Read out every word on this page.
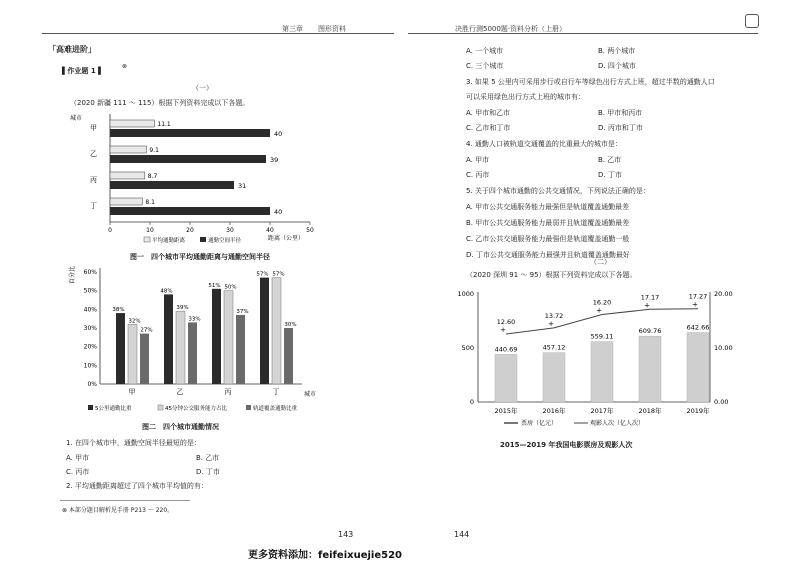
第三章 图形资料	决胜行测5000题·资料分析（上册）
「高难进阶」
▌作业题 1 ▌
⊗
（一）
（2020 新疆 111 ～ 115）根据下列资料完成以下各题。
城市
甲	11.1
40
乙	9.1
39
丙	8.7
31
丁	8.1
40
0	10	20	30	40	50
距离（公里）
平均通勤距离	通勤空间半径
图一　四个城市平均通勤距离与通勤空间半径
百分比
0%
10%
20%
30%
40%
50%
60%
38%
32%
27%
甲
48%
39%
33%
乙
51% 50%
37%
丙
57% 57%
30%
丁	城市
5公里通勤比重	45分钟公交服务能力占比	轨道覆盖通勤比重
图二　四个城市通勤情况
1. 在四个城市中，通勤空间半径最短的是：
A. 甲市	B. 乙市
C. 丙市	D. 丁市
2. 平均通勤距离超过了四个城市平均值的有：
⊗ 本部分题目解析见手册 P213 ～ 220。
143
A. 一个城市	B. 两个城市
C. 三个城市	D. 四个城市
3. 如果 5 公里内可采用步行或自行车等绿色出行方式上班，超过半数的通勤人口
可以采用绿色出行方式上班的城市有：
A. 甲市和乙市	B. 甲市和丙市
C. 乙市和丁市	D. 丙市和丁市
4. 通勤人口被轨道交通覆盖的比重最大的城市是：
A. 甲市	B. 乙市
C. 丙市	D. 丁市
5. 关于四个城市通勤的公共交通情况，下列说法正确的是：
A. 甲市公共交通服务能力最强但是轨道覆盖通勤最差
B. 甲市公共交通服务能力最弱并且轨道覆盖通勤最差
C. 乙市公共交通服务能力最强但是轨道覆盖通勤一般
D. 丁市公共交通服务能力最强并且轨道覆盖通勤最好
（二）
（2020 深圳 91 ～ 95）根据下列资料完成以下各题。
0
500
1000
0.00
10.00
20.00
440.69
2015年
457.12
2016年
559.11
2017年
609.76
2018年
642.66
2019年
+
12.60	+
13.72
+
16.20	+
17.17
+
17.27
票房（亿元）	观影人次（亿人次）
2015—2019 年我国电影票房及观影人次
144
更多资料添加：feifeixuejie520
